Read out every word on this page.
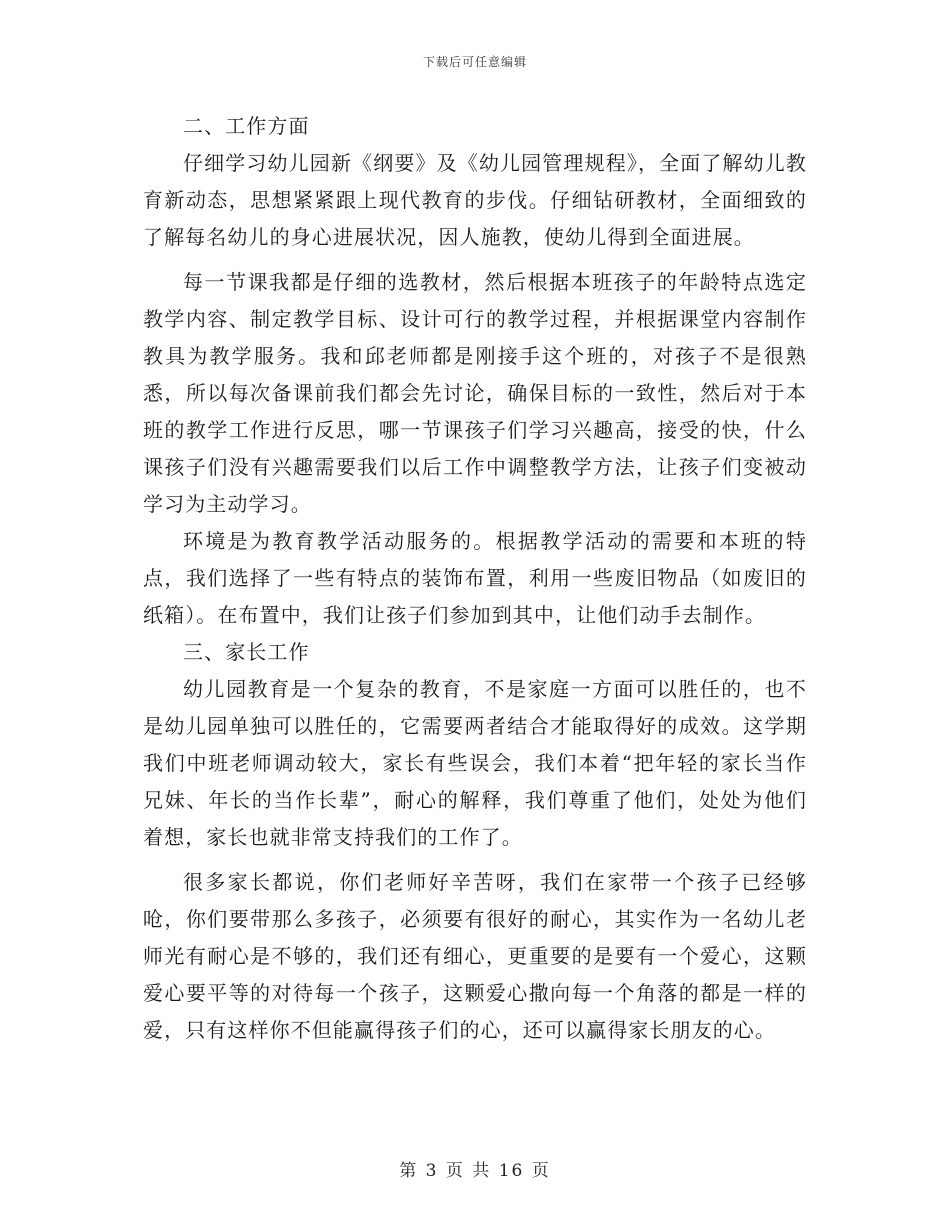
下载后可任意编辑

二、工作方面

仔细学习幼儿园新《纲要》及《幼儿园管理规程》，全面了解幼儿教育新动态，思想紧紧跟上现代教育的步伐。仔细钻研教材，全面细致的了解每名幼儿的身心进展状况，因人施教，使幼儿得到全面进展。

每一节课我都是仔细的选教材，然后根据本班孩子的年龄特点选定教学内容、制定教学目标、设计可行的教学过程，并根据课堂内容制作教具为教学服务。我和邱老师都是刚接手这个班的，对孩子不是很熟悉，所以每次备课前我们都会先讨论，确保目标的一致性，然后对于本班的教学工作进行反思，哪一节课孩子们学习兴趣高，接受的快，什么课孩子们没有兴趣需要我们以后工作中调整教学方法，让孩子们变被动学习为主动学习。

环境是为教育教学活动服务的。根据教学活动的需要和本班的特点，我们选择了一些有特点的装饰布置，利用一些废旧物品（如废旧的纸箱）。在布置中，我们让孩子们参加到其中，让他们动手去制作。

三、家长工作

幼儿园教育是一个复杂的教育，不是家庭一方面可以胜任的，也不是幼儿园单独可以胜任的，它需要两者结合才能取得好的成效。这学期我们中班老师调动较大，家长有些误会，我们本着“把年轻的家长当作兄妹、年长的当作长辈”，耐心的解释，我们尊重了他们，处处为他们着想，家长也就非常支持我们的工作了。

很多家长都说，你们老师好辛苦呀，我们在家带一个孩子已经够呛，你们要带那么多孩子，必须要有很好的耐心，其实作为一名幼儿老师光有耐心是不够的，我们还有细心，更重要的是要有一个爱心，这颗爱心要平等的对待每一个孩子，这颗爱心撒向每一个角落的都是一样的爱，只有这样你不但能赢得孩子们的心，还可以赢得家长朋友的心。

第 3 页 共 16 页
